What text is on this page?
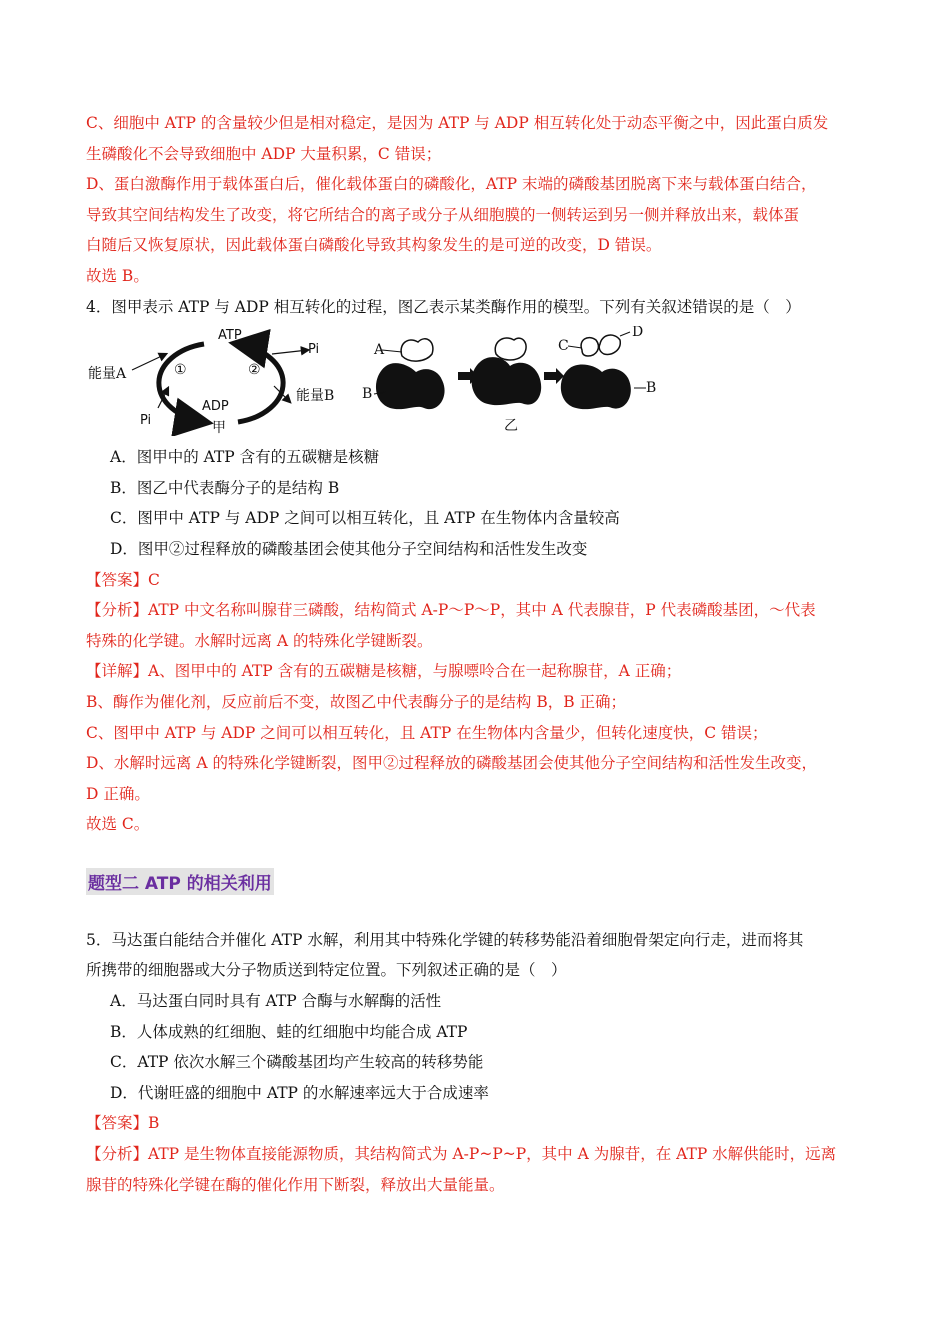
C、细胞中 ATP 的含量较少但是相对稳定，是因为 ATP 与 ADP 相互转化处于动态平衡之中，因此蛋白质发
生磷酸化不会导致细胞中 ADP 大量积累，C 错误；
D、蛋白激酶作用于载体蛋白后，催化载体蛋白的磷酸化，ATP 末端的磷酸基团脱离下来与载体蛋白结合，
导致其空间结构发生了改变，将它所结合的离子或分子从细胞膜的一侧转运到另一侧并释放出来，载体蛋
白随后又恢复原状，因此载体蛋白磷酸化导致其构象发生的是可逆的改变，D 错误。
故选 B。
4．图甲表示 ATP 与 ADP 相互转化的过程，图乙表示某类酶作用的模型。下列有关叙述错误的是（　）
ATP
ADP
Pi
Pi
能量A
能量B
①	②
甲
A
B
C
D
B
乙
A．图甲中的 ATP 含有的五碳糖是核糖
B．图乙中代表酶分子的是结构 B
C．图甲中 ATP 与 ADP 之间可以相互转化，且 ATP 在生物体内含量较高
D．图甲②过程释放的磷酸基团会使其他分子空间结构和活性发生改变
【答案】C
【分析】ATP 中文名称叫腺苷三磷酸，结构简式 A-P～P～P，其中 A 代表腺苷，P 代表磷酸基团，～代表
特殊的化学键。水解时远离 A 的特殊化学键断裂。
【详解】A、图甲中的 ATP 含有的五碳糖是核糖，与腺嘌呤合在一起称腺苷，A 正确；
B、酶作为催化剂，反应前后不变，故图乙中代表酶分子的是结构 B，B 正确；
C、图甲中 ATP 与 ADP 之间可以相互转化，且 ATP 在生物体内含量少，但转化速度快，C 错误；
D、水解时远离 A 的特殊化学键断裂，图甲②过程释放的磷酸基团会使其他分子空间结构和活性发生改变，
D 正确。
故选 C。
题型二 ATP 的相关利用
5．马达蛋白能结合并催化 ATP 水解，利用其中特殊化学键的转移势能沿着细胞骨架定向行走，进而将其
所携带的细胞器或大分子物质送到特定位置。下列叙述正确的是（　）
A．马达蛋白同时具有 ATP 合酶与水解酶的活性
B．人体成熟的红细胞、蛙的红细胞中均能合成 ATP
C．ATP 依次水解三个磷酸基团均产生较高的转移势能
D．代谢旺盛的细胞中 ATP 的水解速率远大于合成速率
【答案】B
【分析】ATP 是生物体直接能源物质，其结构简式为 A-P~P~P，其中 A 为腺苷，在 ATP 水解供能时，远离
腺苷的特殊化学键在酶的催化作用下断裂，释放出大量能量。
